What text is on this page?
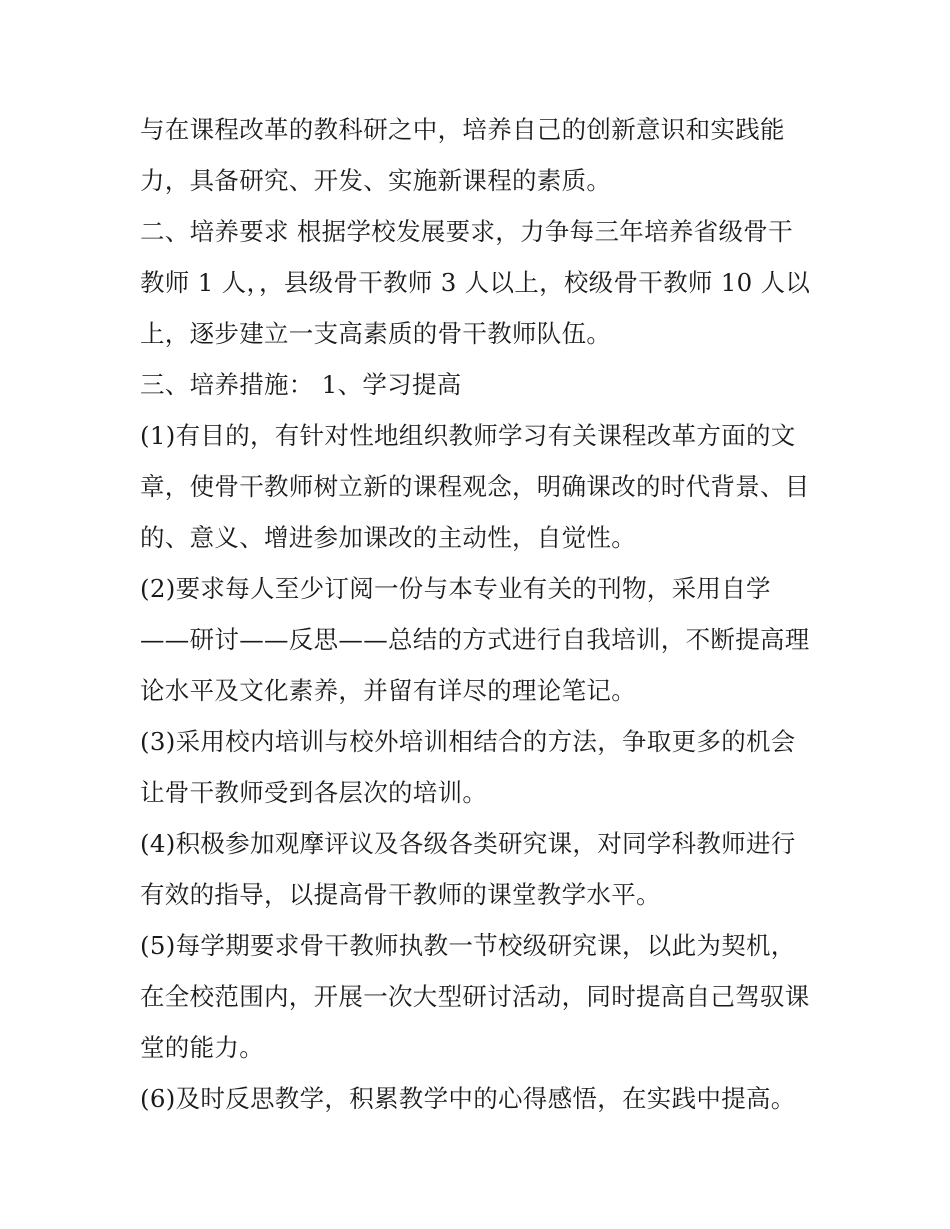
与在课程改革的教科研之中，培养自己的创新意识和实践能
力，具备研究、开发、实施新课程的素质。
二、培养要求 根据学校发展要求，力争每三年培养省级骨干
教师 1 人，，县级骨干教师 3 人以上，校级骨干教师 10 人以
上，逐步建立一支高素质的骨干教师队伍。
三、培养措施： 1、学习提高
(1)有目的，有针对性地组织教师学习有关课程改革方面的文
章，使骨干教师树立新的课程观念，明确课改的时代背景、目
的、意义、增进参加课改的主动性，自觉性。
(2)要求每人至少订阅一份与本专业有关的刊物，采用自学
——研讨——反思——总结的方式进行自我培训，不断提高理
论水平及文化素养，并留有详尽的理论笔记。
(3)采用校内培训与校外培训相结合的方法，争取更多的机会
让骨干教师受到各层次的培训。
(4)积极参加观摩评议及各级各类研究课，对同学科教师进行
有效的指导，以提高骨干教师的课堂教学水平。
(5)每学期要求骨干教师执教一节校级研究课，以此为契机，
在全校范围内，开展一次大型研讨活动，同时提高自己驾驭课
堂的能力。
(6)及时反思教学，积累教学中的心得感悟，在实践中提高。
